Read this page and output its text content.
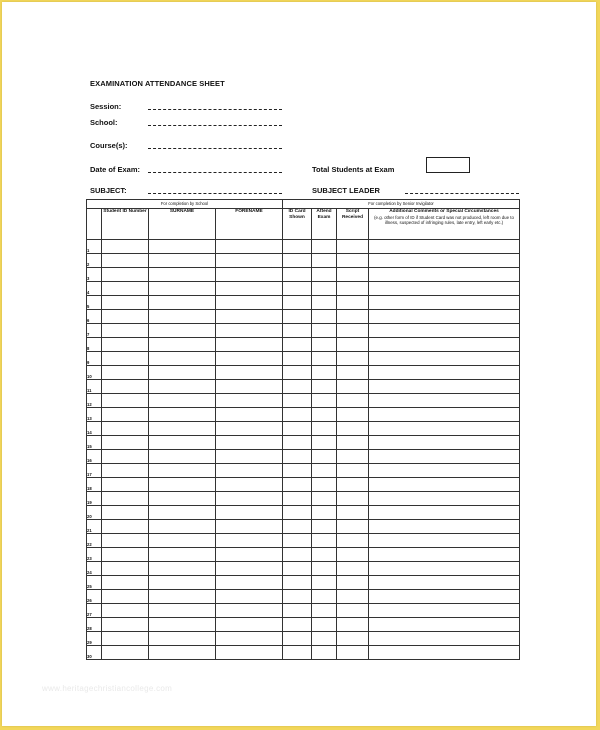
EXAMINATION ATTENDANCE SHEET
Session:
School:
Course(s):
Date of Exam:	Total Students at Exam
SUBJECT:	SUBJECT LEADER
For completion by School				For completion by Senior Invigilator			
	Student ID Number	SURNAME	FORENAME	ID Card Shown	Attend Exam	Script Received	Additional Comments or Special Circumstances
(e.g. other form of ID if Student Card was not produced, left room due to illness, suspected of infringing rules, late entry, left early etc.)

1							
2							
3							
4							
5							
6							
7							
8							
9							
10							
11							
12							
13							
14							
15							
16							
17							
18							
19							
20							
21							
22							
23							
24							
25							
26							
27							
28							
29							
30							
www.heritagechristiancollege.com
